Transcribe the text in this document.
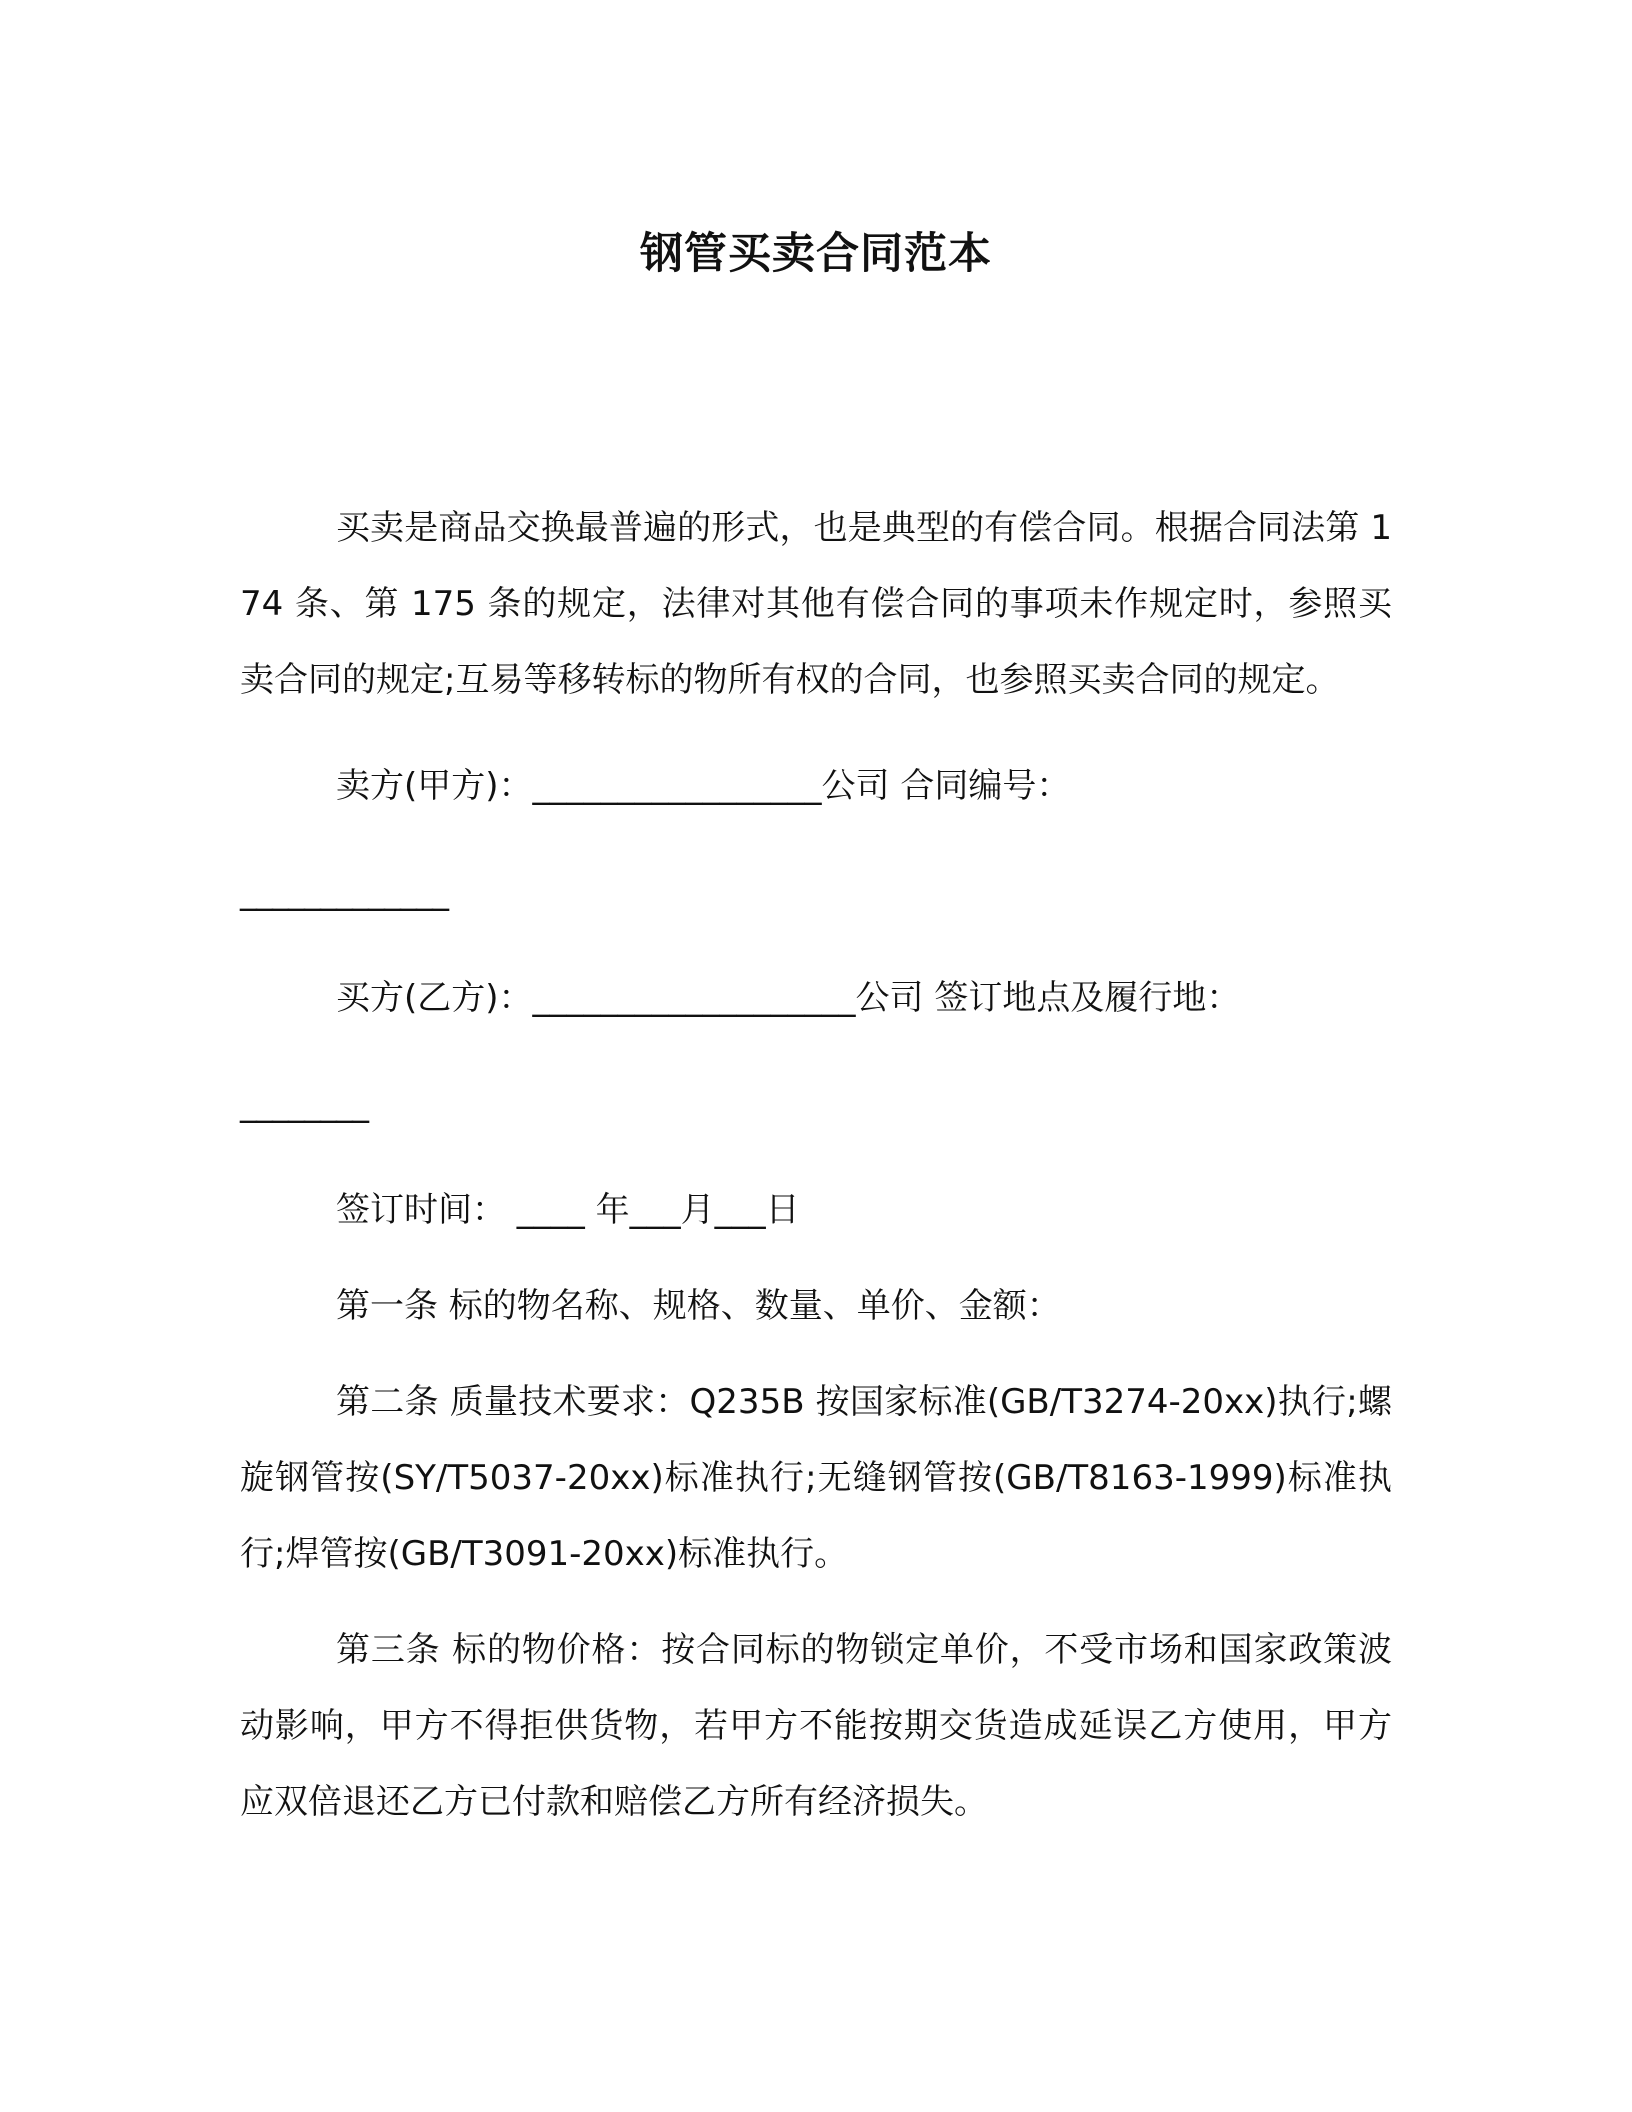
钢管买卖合同范本

买卖是商品交换最普遍的形式，也是典型的有偿合同。根据合同法第 174 条、第 175 条的规定，法律对其他有偿合同的事项未作规定时，参照买卖合同的规定;互易等移转标的物所有权的合同，也参照买卖合同的规定。

卖方(甲方)：_________________公司 合同编号：

_____________

买方(乙方)：___________________公司 签订地点及履行地：

________

签订时间： ____ 年___月___日

第一条 标的物名称、规格、数量、单价、金额：

第二条 质量技术要求：Q235B 按国家标准(GB/T3274-20xx)执行;螺旋钢管按(SY/T5037-20xx)标准执行;无缝钢管按(GB/T8163-1999)标准执行;焊管按(GB/T3091-20xx)标准执行。

第三条 标的物价格：按合同标的物锁定单价，不受市场和国家政策波动影响，甲方不得拒供货物，若甲方不能按期交货造成延误乙方使用，甲方应双倍退还乙方已付款和赔偿乙方所有经济损失。
